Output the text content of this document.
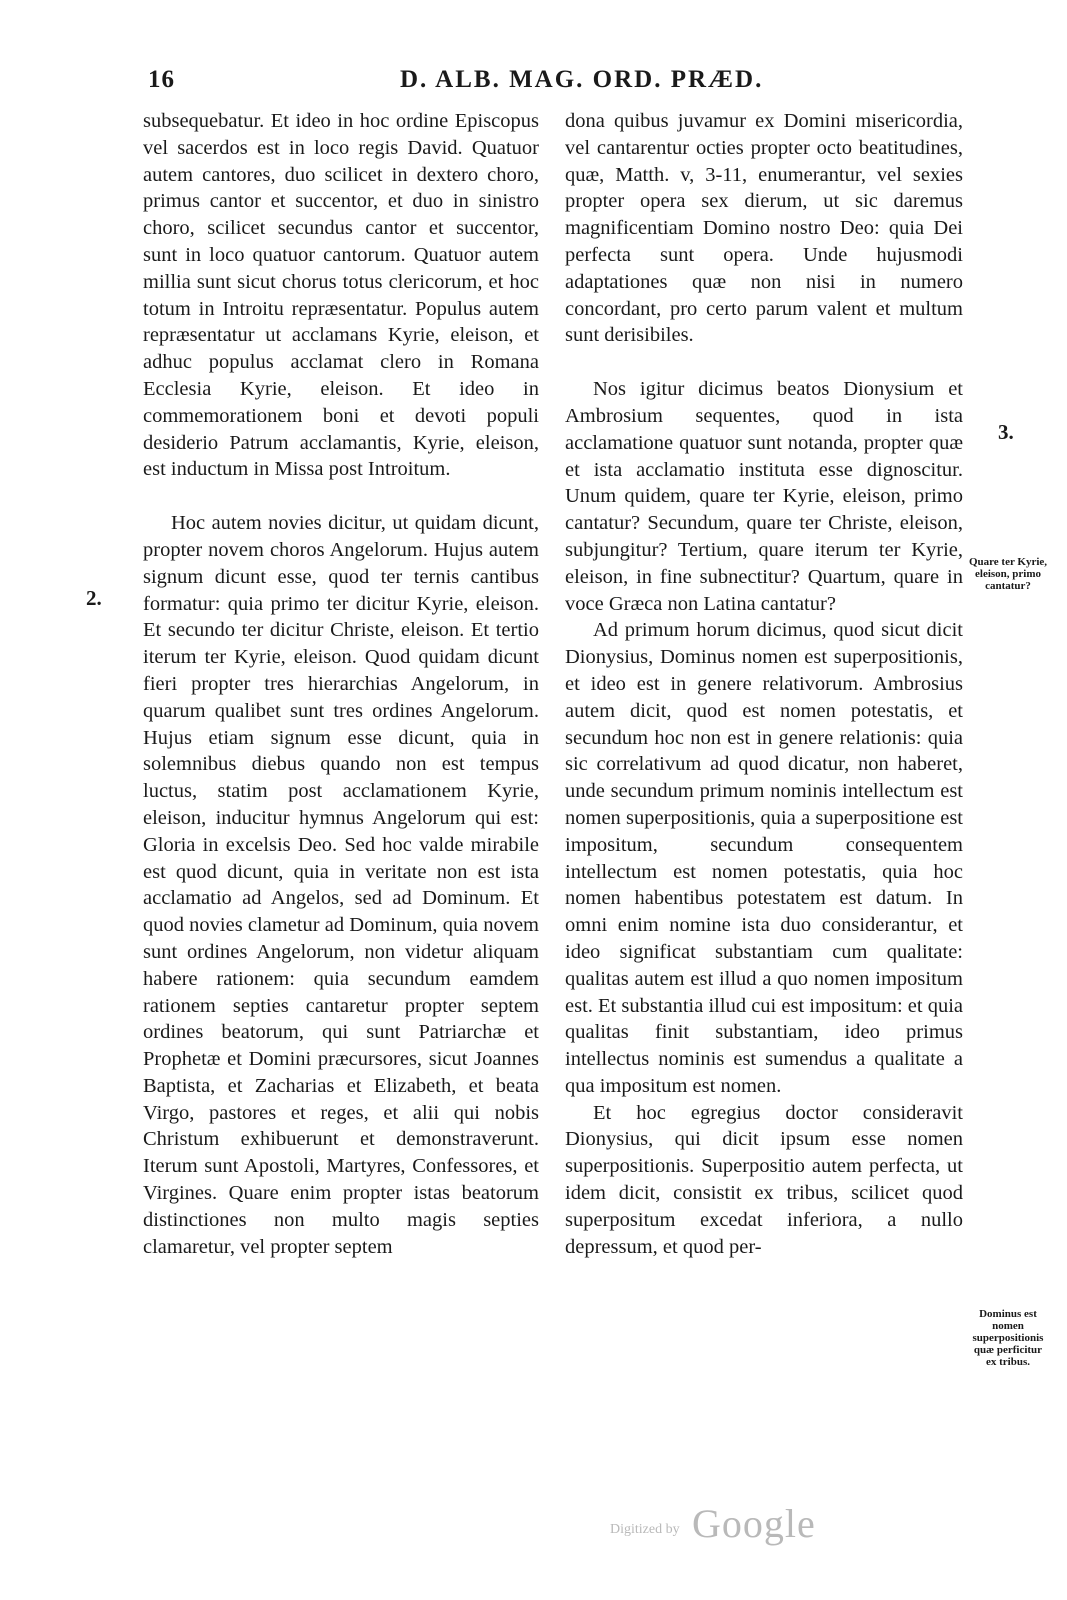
16	D. ALB. MAG. ORD. PRÆD.

subsequebatur. Et ideo in hoc ordine Episcopus vel sacerdos est in loco regis David. Quatuor autem cantores, duo scilicet in dextero choro, primus cantor et succentor, et duo in sinistro choro, scilicet secundus cantor et succentor, sunt in loco quatuor cantorum. Quatuor autem millia sunt sicut chorus totus clericorum, et hoc totum in Introitu repræsentatur. Populus autem repræsentatur ut acclamans Kyrie, eleison, et adhuc populus acclamat clero in Romana Ecclesia Kyrie, eleison. Et ideo in commemorationem boni et devoti populi desiderio Patrum acclamantis, Kyrie, eleison, est inductum in Missa post Introitum.

Hoc autem novies dicitur, ut quidam dicunt, propter novem choros Angelorum. Hujus autem signum dicunt esse, quod ter ternis cantibus formatur: quia primo ter dicitur Kyrie, eleison. Et secundo ter dicitur Christe, eleison. Et tertio iterum ter Kyrie, eleison. Quod quidam dicunt fieri propter tres hierarchias Angelorum, in quarum qualibet sunt tres ordines Angelorum. Hujus etiam signum esse dicunt, quia in solemnibus diebus quando non est tempus luctus, statim post acclamationem Kyrie, eleison, inducitur hymnus Angelorum qui est: Gloria in excelsis Deo. Sed hoc valde mirabile est quod dicunt, quia in veritate non est ista acclamatio ad Angelos, sed ad Dominum. Et quod novies clametur ad Dominum, quia novem sunt ordines Angelorum, non videtur aliquam habere rationem: quia secundum eamdem rationem septies cantaretur propter septem ordines beatorum, qui sunt Patriarchæ et Prophetæ et Domini præcursores, sicut Joannes Baptista, et Zacharias et Elizabeth, et beata Virgo, pastores et reges, et alii qui nobis Christum exhibuerunt et demonstraverunt. Iterum sunt Apostoli, Martyres, Confessores, et Virgines. Quare enim propter istas beatorum distinctiones non multo magis septies clamaretur, vel propter septem

2.

dona quibus juvamur ex Domini misericordia, vel cantarentur octies propter octo beatitudines, quæ, Matth. v, 3-11, enumerantur, vel sexies propter opera sex dierum, ut sic daremus magnificentiam Domino nostro Deo: quia Dei perfecta sunt opera. Unde hujusmodi adaptationes quæ non nisi in numero concordant, pro certo parum valent et multum sunt derisibiles.

Nos igitur dicimus beatos Dionysium et Ambrosium sequentes, quod in ista acclamatione quatuor sunt notanda, propter quæ et ista acclamatio instituta esse dignoscitur. Unum quidem, quare ter Kyrie, eleison, primo cantatur? Secundum, quare ter Christe, eleison, subjungitur? Tertium, quare iterum ter Kyrie, eleison, in fine subnectitur? Quartum, quare in voce Græca non Latina cantatur?

Ad primum horum dicimus, quod sicut dicit Dionysius, Dominus nomen est superpositionis, et ideo est in genere relativorum. Ambrosius autem dicit, quod est nomen potestatis, et secundum hoc non est in genere relationis: quia sic correlativum ad quod dicatur, non haberet, unde secundum primum nominis intellectum est nomen superpositionis, quia a superpositione est impositum, secundum consequentem intellectum est nomen potestatis, quia hoc nomen habentibus potestatem est datum. In omni enim nomine ista duo considerantur, et ideo significat substantiam cum qualitate: qualitas autem est illud a quo nomen impositum est. Et substantia illud cui est impositum: et quia qualitas finit substantiam, ideo primus intellectus nominis est sumendus a qualitate a qua impositum est nomen.

Et hoc egregius doctor consideravit Dionysius, qui dicit ipsum esse nomen superpositionis. Superpositio autem perfecta, ut idem dicit, consistit ex tribus, scilicet quod superpositum excedat inferiora, a nullo depressum, et quod per-

3.
Quare ter Kyrie, eleison, primo cantatur?
Dominus est nomen superpositionis quæ perficitur ex tribus.
Digitized by Google
